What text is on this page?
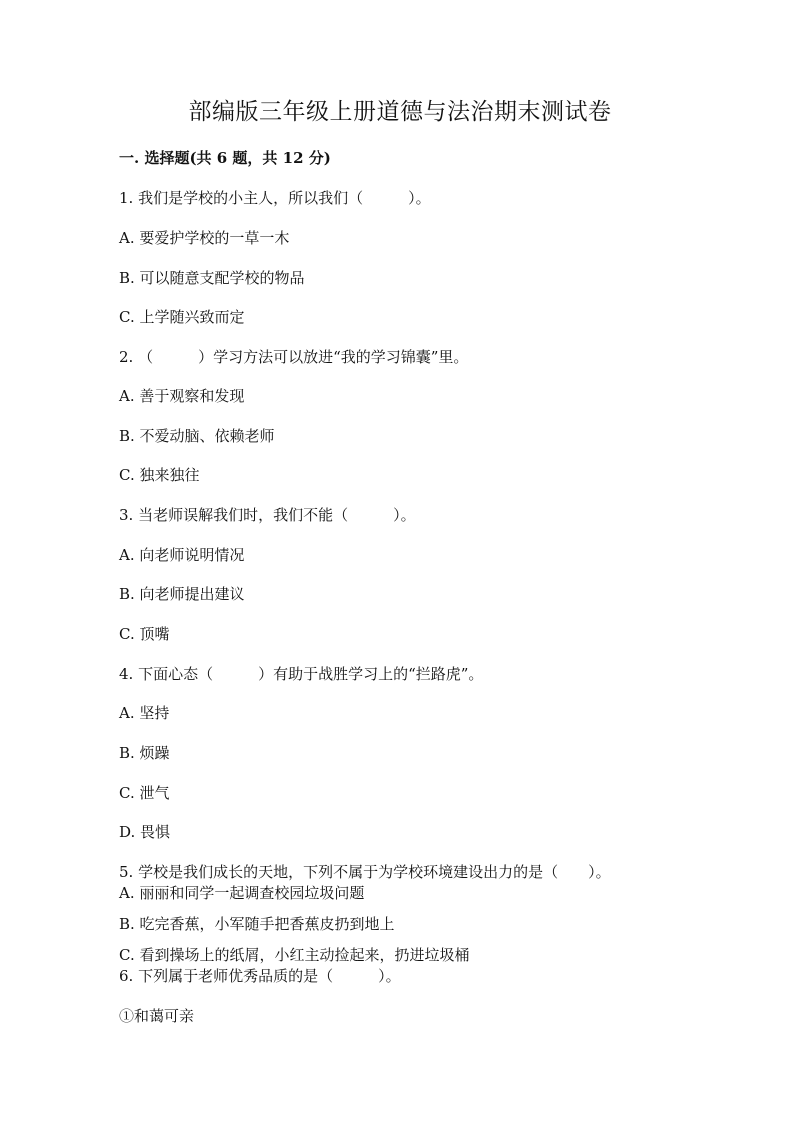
部编版三年级上册道德与法治期末测试卷
一. 选择题(共 6 题，共 12 分)
1. 我们是学校的小主人，所以我们（　　　）。
A. 要爱护学校的一草一木
B. 可以随意支配学校的物品
C. 上学随兴致而定
2. （　　　）学习方法可以放进“我的学习锦囊”里。
A. 善于观察和发现
B. 不爱动脑、依赖老师
C. 独来独往
3. 当老师误解我们时，我们不能（　　　）。
A. 向老师说明情况
B. 向老师提出建议
C. 顶嘴
4. 下面心态（　　　）有助于战胜学习上的“拦路虎”。
A. 坚持
B. 烦躁
C. 泄气
D. 畏惧
5. 学校是我们成长的天地，下列不属于为学校环境建设出力的是（　　）。
A. 丽丽和同学一起调查校园垃圾问题
B. 吃完香蕉，小军随手把香蕉皮扔到地上
C. 看到操场上的纸屑，小红主动捡起来，扔进垃圾桶
6. 下列属于老师优秀品质的是（　　　）。
①和蔼可亲
